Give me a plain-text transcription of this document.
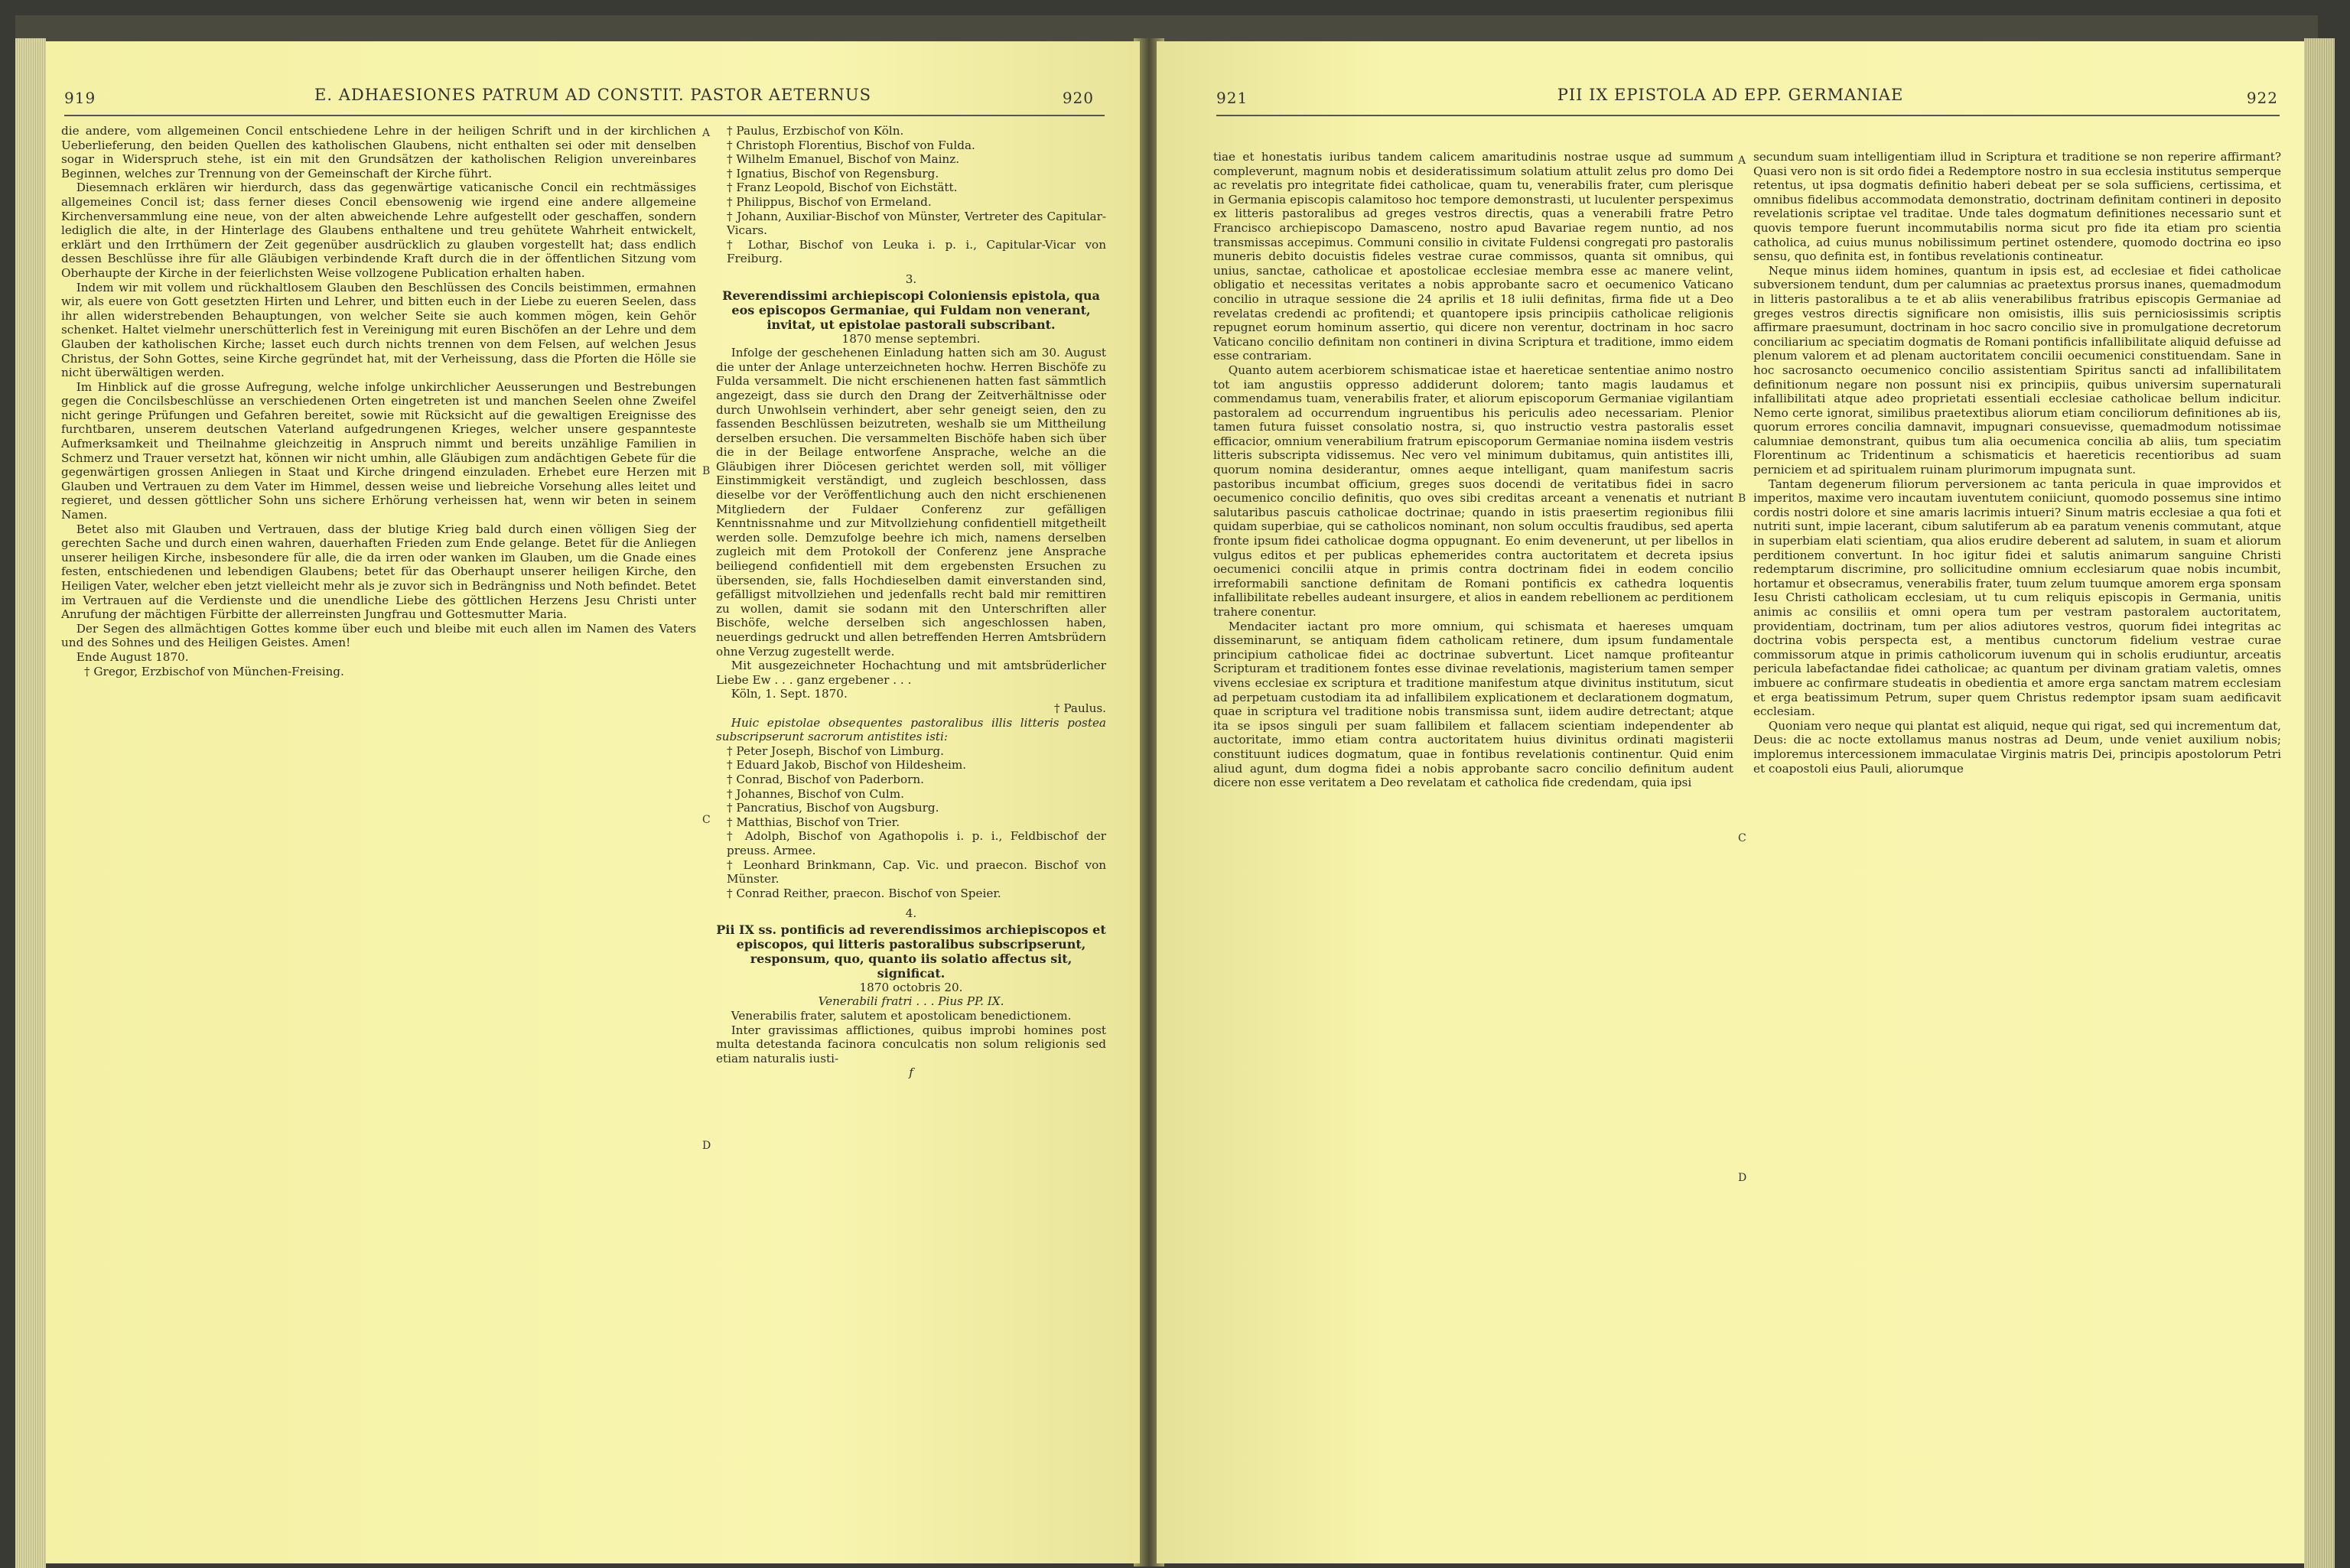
919	E. ADHAESIONES PATRUM AD CONSTIT. PASTOR AETERNUS	920
A
B
C
D

die andere, vom allgemeinen Concil entschiedene Lehre in der heiligen Schrift und in der kirchlichen Ueberlieferung, den beiden Quellen des katholischen Glaubens, nicht enthalten sei oder mit denselben sogar in Widerspruch stehe, ist ein mit den Grundsätzen der katholischen Religion unvereinbares Beginnen, welches zur Trennung von der Gemeinschaft der Kirche führt.

Diesemnach erklären wir hierdurch, dass das gegenwärtige vaticanische Concil ein rechtmässiges allgemeines Concil ist; dass ferner dieses Concil ebensowenig wie irgend eine andere allgemeine Kirchenversammlung eine neue, von der alten abweichende Lehre aufgestellt oder geschaffen, sondern lediglich die alte, in der Hinterlage des Glaubens enthaltene und treu gehütete Wahrheit entwickelt, erklärt und den Irrthümern der Zeit gegenüber ausdrücklich zu glauben vorgestellt hat; dass endlich dessen Beschlüsse ihre für alle Gläubigen verbindende Kraft durch die in der öffentlichen Sitzung vom Oberhaupte der Kirche in der feierlichsten Weise vollzogene Publication erhalten haben.

Indem wir mit vollem und rückhaltlosem Glauben den Beschlüssen des Concils beistimmen, ermahnen wir, als euere von Gott gesetzten Hirten und Lehrer, und bitten euch in der Liebe zu eueren Seelen, dass ihr allen widerstrebenden Behauptungen, von welcher Seite sie auch kommen mögen, kein Gehör schenket. Haltet vielmehr unerschütterlich fest in Vereinigung mit euren Bischöfen an der Lehre und dem Glauben der katholischen Kirche; lasset euch durch nichts trennen von dem Felsen, auf welchen Jesus Christus, der Sohn Gottes, seine Kirche gegründet hat, mit der Verheissung, dass die Pforten die Hölle sie nicht überwältigen werden.

Im Hinblick auf die grosse Aufregung, welche infolge unkirchlicher Aeusserungen und Bestrebungen gegen die Concilsbeschlüsse an verschiedenen Orten eingetreten ist und manchen Seelen ohne Zweifel nicht geringe Prüfungen und Gefahren bereitet, sowie mit Rücksicht auf die gewaltigen Ereignisse des furchtbaren, unserem deutschen Vaterland aufgedrungenen Krieges, welcher unsere gespannteste Aufmerksamkeit und Theilnahme gleichzeitig in Anspruch nimmt und bereits unzählige Familien in Schmerz und Trauer versetzt hat, können wir nicht umhin, alle Gläubigen zum andächtigen Gebete für die gegenwärtigen grossen Anliegen in Staat und Kirche dringend einzuladen. Erhebet eure Herzen mit Glauben und Vertrauen zu dem Vater im Himmel, dessen weise und liebreiche Vorsehung alles leitet und regieret, und dessen göttlicher Sohn uns sichere Erhörung verheissen hat, wenn wir beten in seinem Namen.

Betet also mit Glauben und Vertrauen, dass der blutige Krieg bald durch einen völligen Sieg der gerechten Sache und durch einen wahren, dauerhaften Frieden zum Ende gelange. Betet für die Anliegen unserer heiligen Kirche, insbesondere für alle, die da irren oder wanken im Glauben, um die Gnade eines festen, entschiedenen und lebendigen Glaubens; betet für das Oberhaupt unserer heiligen Kirche, den Heiligen Vater, welcher eben jetzt vielleicht mehr als je zuvor sich in Bedrängniss und Noth befindet. Betet im Vertrauen auf die Verdienste und die unendliche Liebe des göttlichen Herzens Jesu Christi unter Anrufung der mächtigen Fürbitte der allerreinsten Jungfrau und Gottesmutter Maria.

Der Segen des allmächtigen Gottes komme über euch und bleibe mit euch allen im Namen des Vaters und des Sohnes und des Heiligen Geistes. Amen!

Ende August 1870.

† Gregor, Erzbischof von München-Freising.

† Paulus, Erzbischof von Köln.

† Christoph Florentius, Bischof von Fulda.

† Wilhelm Emanuel, Bischof von Mainz.

† Ignatius, Bischof von Regensburg.

† Franz Leopold, Bischof von Eichstätt.

† Philippus, Bischof von Ermeland.

† Johann, Auxiliar-Bischof von Münster, Vertreter des Capitular-Vicars.

† Lothar, Bischof von Leuka i. p. i., Capitular-Vicar von Freiburg.

3.

Reverendissimi archiepiscopi Coloniensis epistola, qua eos episcopos Germaniae, qui Fuldam non venerant, invitat, ut epistolae pastorali subscribant.

1870 mense septembri.

Infolge der geschehenen Einladung hatten sich am 30. August die unter der Anlage unterzeichneten hochw. Herren Bischöfe zu Fulda versammelt. Die nicht erschienenen hatten fast sämmtlich angezeigt, dass sie durch den Drang der Zeitverhältnisse oder durch Unwohlsein verhindert, aber sehr geneigt seien, den zu fassenden Beschlüssen beizutreten, weshalb sie um Mittheilung derselben ersuchen. Die versammelten Bischöfe haben sich über die in der Beilage entworfene Ansprache, welche an die Gläubigen ihrer Diöcesen gerichtet werden soll, mit völliger Einstimmigkeit verständigt, und zugleich beschlossen, dass dieselbe vor der Veröffentlichung auch den nicht erschienenen Mitgliedern der Fuldaer Conferenz zur gefälligen Kenntnissnahme und zur Mitvollziehung confidentiell mitgetheilt werden solle. Demzufolge beehre ich mich, namens derselben zugleich mit dem Protokoll der Conferenz jene Ansprache beiliegend confidentiell mit dem ergebensten Ersuchen zu übersenden, sie, falls Hochdieselben damit einverstanden sind, gefälligst mitvollziehen und jedenfalls recht bald mir remittiren zu wollen, damit sie sodann mit den Unterschriften aller Bischöfe, welche derselben sich angeschlossen haben, neuerdings gedruckt und allen betreffenden Herren Amtsbrüdern ohne Verzug zugestellt werde.

Mit ausgezeichneter Hochachtung und mit amtsbrüderlicher Liebe Ew . . . ganz ergebener . . .

Köln, 1. Sept. 1870.

† Paulus.

Huic epistolae obsequentes pastoralibus illis litteris postea subscripserunt sacrorum antistites isti:

† Peter Joseph, Bischof von Limburg.

† Eduard Jakob, Bischof von Hildesheim.

† Conrad, Bischof von Paderborn.

† Johannes, Bischof von Culm.

† Pancratius, Bischof von Augsburg.

† Matthias, Bischof von Trier.

† Adolph, Bischof von Agathopolis i. p. i., Feldbischof der preuss. Armee.

† Leonhard Brinkmann, Cap. Vic. und praecon. Bischof von Münster.

† Conrad Reither, praecon. Bischof von Speier.

4.

Pii IX ss. pontificis ad reverendissimos archiepiscopos et episcopos, qui litteris pastoralibus subscripserunt, responsum, quo, quanto iis solatio affectus sit, significat.

1870 octobris 20.

Venerabili fratri . . . Pius PP. IX.

Venerabilis frater, salutem et apostolicam benedictionem.

Inter gravissimas afflictiones, quibus improbi homines post multa detestanda facinora conculcatis non solum religionis sed etiam naturalis iusti-

f

921	PII IX EPISTOLA AD EPP. GERMANIAE	922
A
B
C
D

tiae et honestatis iuribus tandem calicem amaritudinis nostrae usque ad summum compleverunt, magnum nobis et desideratissimum solatium attulit zelus pro domo Dei ac revelatis pro integritate fidei catholicae, quam tu, venerabilis frater, cum plerisque in Germania episcopis calamitoso hoc tempore demonstrasti, ut luculenter perspeximus ex litteris pastoralibus ad greges vestros directis, quas a venerabili fratre Petro Francisco archiepiscopo Damasceno, nostro apud Bavariae regem nuntio, ad nos transmissas accepimus. Communi consilio in civitate Fuldensi congregati pro pastoralis muneris debito docuistis fideles vestrae curae commissos, quanta sit omnibus, qui unius, sanctae, catholicae et apostolicae ecclesiae membra esse ac manere velint, obligatio et necessitas veritates a nobis approbante sacro et oecumenico Vaticano concilio in utraque sessione die 24 aprilis et 18 iulii definitas, firma fide ut a Deo revelatas credendi ac profitendi; et quantopere ipsis principiis catholicae religionis repugnet eorum hominum assertio, qui dicere non verentur, doctrinam in hoc sacro Vaticano concilio definitam non contineri in divina Scriptura et traditione, immo eidem esse contrariam.

Quanto autem acerbiorem schismaticae istae et haereticae sententiae animo nostro tot iam angustiis oppresso addiderunt dolorem; tanto magis laudamus et commendamus tuam, venerabilis frater, et aliorum episcoporum Germaniae vigilantiam pastoralem ad occurrendum ingruentibus his periculis adeo necessariam. Plenior tamen futura fuisset consolatio nostra, si, quo instructio vestra pastoralis esset efficacior, omnium venerabilium fratrum episcoporum Germaniae nomina iisdem vestris litteris subscripta vidissemus. Nec vero vel minimum dubitamus, quin antistites illi, quorum nomina desiderantur, omnes aeque intelligant, quam manifestum sacris pastoribus incumbat officium, greges suos docendi de veritatibus fidei in sacro oecumenico concilio definitis, quo oves sibi creditas arceant a venenatis et nutriant salutaribus pascuis catholicae doctrinae; quando in istis praesertim regionibus filii quidam superbiae, qui se catholicos nominant, non solum occultis fraudibus, sed aperta fronte ipsum fidei catholicae dogma oppugnant. Eo enim devenerunt, ut per libellos in vulgus editos et per publicas ephemerides contra auctoritatem et decreta ipsius oecumenici concilii atque in primis contra doctrinam fidei in eodem concilio irreformabili sanctione definitam de Romani pontificis ex cathedra loquentis infallibilitate rebelles audeant insurgere, et alios in eandem rebellionem ac perditionem trahere conentur.

Mendaciter iactant pro more omnium, qui schismata et haereses umquam disseminarunt, se antiquam fidem catholicam retinere, dum ipsum fundamentale principium catholicae fidei ac doctrinae subvertunt. Licet namque profiteantur Scripturam et traditionem fontes esse divinae revelationis, magisterium tamen semper vivens ecclesiae ex scriptura et traditione manifestum atque divinitus institutum, sicut ad perpetuam custodiam ita ad infallibilem explicationem et declarationem dogmatum, quae in scriptura vel traditione nobis transmissa sunt, iidem audire detrectant; atque ita se ipsos singuli per suam fallibilem et fallacem scientiam independenter ab auctoritate, immo etiam contra auctoritatem huius divinitus ordinati magisterii constituunt iudices dogmatum, quae in fontibus revelationis continentur. Quid enim aliud agunt, dum dogma fidei a nobis approbante sacro concilio definitum audent dicere non esse veritatem a Deo revelatam et catholica fide credendam, quia ipsi

secundum suam intelligentiam illud in Scriptura et traditione se non reperire affirmant? Quasi vero non is sit ordo fidei a Redemptore nostro in sua ecclesia institutus semperque retentus, ut ipsa dogmatis definitio haberi debeat per se sola sufficiens, certissima, et omnibus fidelibus accommodata demonstratio, doctrinam definitam contineri in deposito revelationis scriptae vel traditae. Unde tales dogmatum definitiones necessario sunt et quovis tempore fuerunt incommutabilis norma sicut pro fide ita etiam pro scientia catholica, ad cuius munus nobilissimum pertinet ostendere, quomodo doctrina eo ipso sensu, quo definita est, in fontibus revelationis contineatur.

Neque minus iidem homines, quantum in ipsis est, ad ecclesiae et fidei catholicae subversionem tendunt, dum per calumnias ac praetextus prorsus inanes, quemadmodum in litteris pastoralibus a te et ab aliis venerabilibus fratribus episcopis Germaniae ad greges vestros directis significare non omisistis, illis suis perniciosissimis scriptis affirmare praesumunt, doctrinam in hoc sacro concilio sive in promulgatione decretorum conciliarium ac speciatim dogmatis de Romani pontificis infallibilitate aliquid defuisse ad plenum valorem et ad plenam auctoritatem concilii oecumenici constituendam. Sane in hoc sacrosancto oecumenico concilio assistentiam Spiritus sancti ad infallibilitatem definitionum negare non possunt nisi ex principiis, quibus universim supernaturali infallibilitati atque adeo proprietati essentiali ecclesiae catholicae bellum indicitur. Nemo certe ignorat, similibus praetextibus aliorum etiam conciliorum definitiones ab iis, quorum errores concilia damnavit, impugnari consuevisse, quemadmodum notissimae calumniae demonstrant, quibus tum alia oecumenica concilia ab aliis, tum speciatim Florentinum ac Tridentinum a schismaticis et haereticis recentioribus ad suam perniciem et ad spiritualem ruinam plurimorum impugnata sunt.

Tantam degenerum filiorum perversionem ac tanta pericula in quae improvidos et imperitos, maxime vero incautam iuventutem coniiciunt, quomodo possemus sine intimo cordis nostri dolore et sine amaris lacrimis intueri? Sinum matris ecclesiae a qua foti et nutriti sunt, impie lacerant, cibum salutiferum ab ea paratum venenis commutant, atque in superbiam elati scientiam, qua alios erudire deberent ad salutem, in suam et aliorum perditionem convertunt. In hoc igitur fidei et salutis animarum sanguine Christi redemptarum discrimine, pro sollicitudine omnium ecclesiarum quae nobis incumbit, hortamur et obsecramus, venerabilis frater, tuum zelum tuumque amorem erga sponsam Iesu Christi catholicam ecclesiam, ut tu cum reliquis episcopis in Germania, unitis animis ac consiliis et omni opera tum per vestram pastoralem auctoritatem, providentiam, doctrinam, tum per alios adiutores vestros, quorum fidei integritas ac doctrina vobis perspecta est, a mentibus cunctorum fidelium vestrae curae commissorum atque in primis catholicorum iuvenum qui in scholis erudiuntur, arceatis pericula labefactandae fidei catholicae; ac quantum per divinam gratiam valetis, omnes imbuere ac confirmare studeatis in obedientia et amore erga sanctam matrem ecclesiam et erga beatissimum Petrum, super quem Christus redemptor ipsam suam aedificavit ecclesiam.

Quoniam vero neque qui plantat est aliquid, neque qui rigat, sed qui incrementum dat, Deus: die ac nocte extollamus manus nostras ad Deum, unde veniet auxilium nobis; imploremus intercessionem immaculatae Virginis matris Dei, principis apostolorum Petri et coapostoli eius Pauli, aliorumque
